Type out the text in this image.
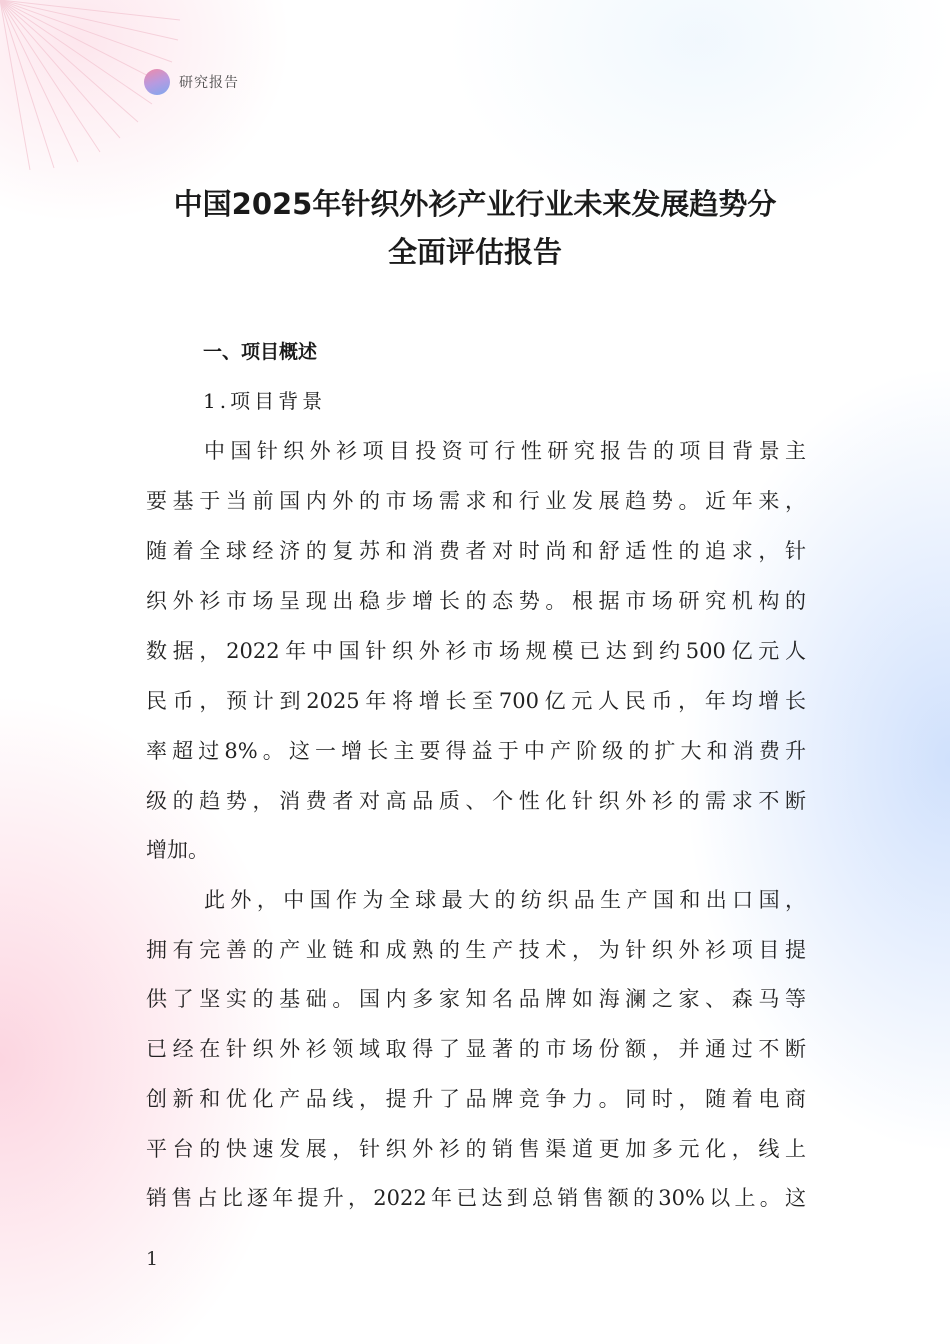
研究报告
中国2025年针织外衫产业行业未来发展趋势分
全面评估报告
一、项目概述
1.项目背景
中国针织外衫项目投资可行性研究报告的项目背景主
要基于当前国内外的市场需求和行业发展趋势。近年来，
随着全球经济的复苏和消费者对时尚和舒适性的追求，针
织外衫市场呈现出稳步增长的态势。根据市场研究机构的
数据，2022年中国针织外衫市场规模已达到约500亿元人
民币，预计到2025年将增长至700亿元人民币，年均增长
率超过8%。这一增长主要得益于中产阶级的扩大和消费升
级的趋势，消费者对高品质、个性化针织外衫的需求不断
增加。
此外，中国作为全球最大的纺织品生产国和出口国，
拥有完善的产业链和成熟的生产技术，为针织外衫项目提
供了坚实的基础。国内多家知名品牌如海澜之家、森马等
已经在针织外衫领域取得了显著的市场份额，并通过不断
创新和优化产品线，提升了品牌竞争力。同时，随着电商
平台的快速发展，针织外衫的销售渠道更加多元化，线上
销售占比逐年提升，2022年已达到总销售额的30%以上。这
1
